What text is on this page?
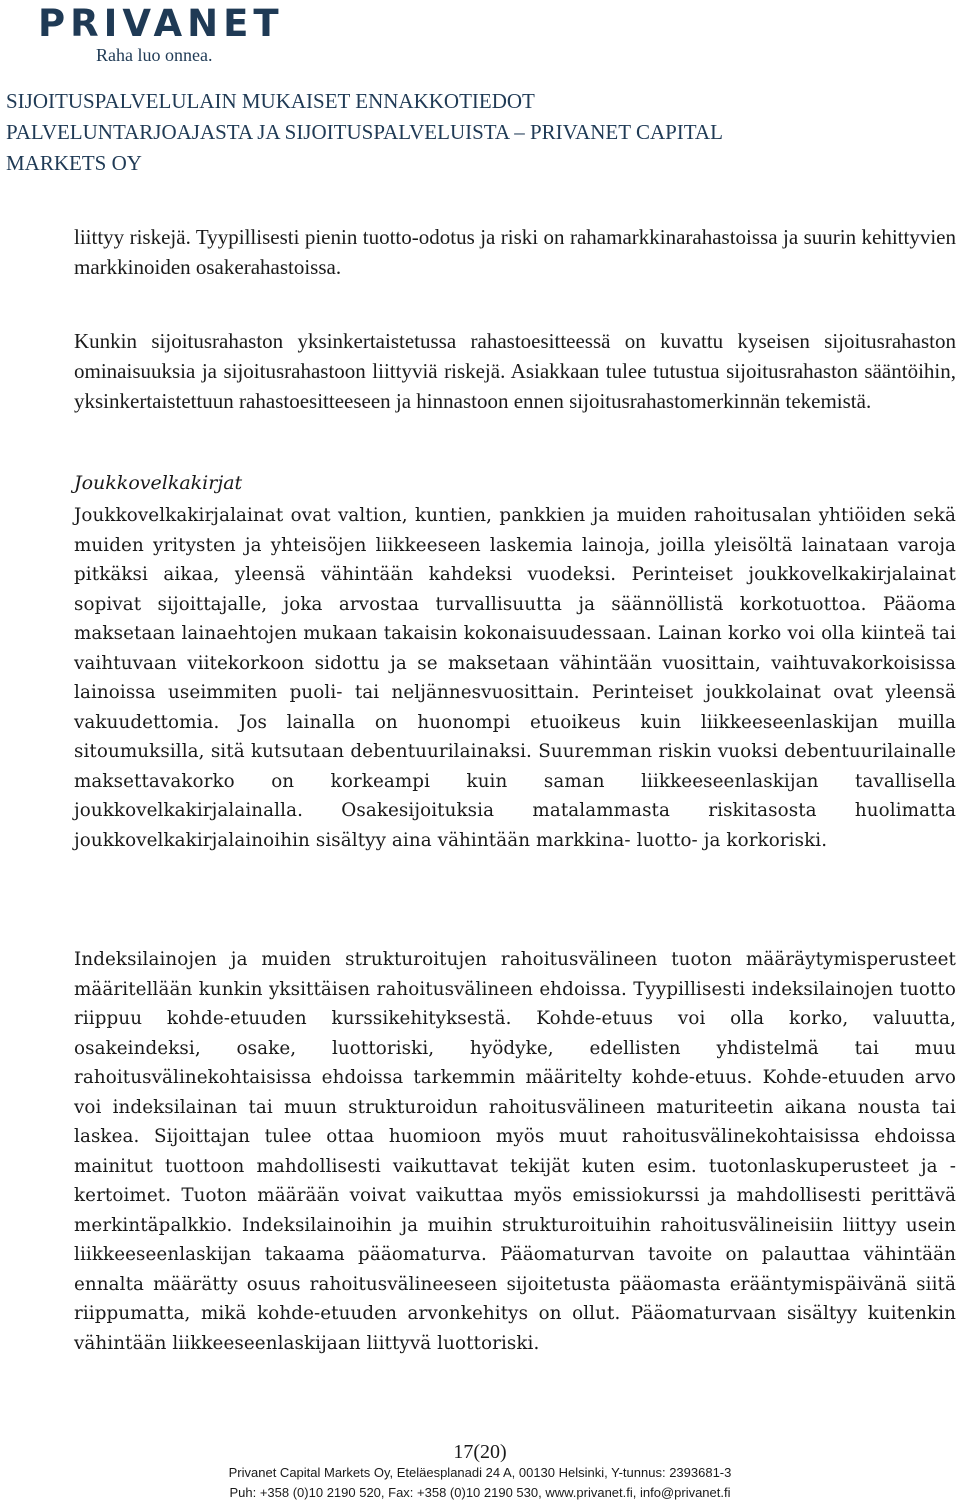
PRIVANET
Raha luo onnea.
SIJOITUSPALVELULAIN MUKAISET ENNAKKOTIEDOT
PALVELUNTARJOAJASTA JA SIJOITUSPALVELUISTA – PRIVANET CAPITAL
MARKETS OY

liittyy riskejä. Tyypillisesti pienin tuotto-odotus ja riski on rahamarkkinarahastoissa ja suurin kehittyvien markkinoiden osakerahastoissa.

Kunkin sijoitusrahaston yksinkertaistetussa rahastoesitteessä on kuvattu kyseisen sijoitusrahaston ominaisuuksia ja sijoitusrahastoon liittyviä riskejä. Asiakkaan tulee tutustua sijoitusrahaston sääntöihin, yksinkertaistettuun rahastoesitteeseen ja hinnastoon ennen sijoitusrahastomerkinnän tekemistä.

Joukkovelkakirjat

Joukkovelkakirjalainat ovat valtion, kuntien, pankkien ja muiden rahoitusalan yhtiöiden sekä muiden yritysten ja yhteisöjen liikkeeseen laskemia lainoja, joilla yleisöltä lainataan varoja pitkäksi aikaa, yleensä vähintään kahdeksi vuodeksi. Perinteiset joukkovelkakirjalainat sopivat sijoittajalle, joka arvostaa turvallisuutta ja säännöllistä korkotuottoa. Pääoma maksetaan lainaehtojen mukaan takaisin kokonaisuudessaan. Lainan korko voi olla kiinteä tai vaihtuvaan viitekorkoon sidottu ja se maksetaan vähintään vuosittain, vaihtuvakorkoisissa lainoissa useimmiten puoli- tai neljännesvuosittain. Perinteiset joukkolainat ovat yleensä vakuudettomia. Jos lainalla on huonompi etuoikeus kuin liikkeeseenlaskijan muilla sitoumuksilla, sitä kutsutaan debentuurilainaksi. Suuremman riskin vuoksi debentuurilainalle maksettavakorko on korkeampi kuin saman liikkeeseenlaskijan tavallisella joukkovelkakirjalainalla. Osakesijoituksia matalammasta riskitasosta huolimatta joukkovelkakirjalainoihin sisältyy aina vähintään markkina- luotto- ja korkoriski.

Indeksilainojen ja muiden strukturoitujen rahoitusvälineen tuoton määräytymisperusteet määritellään kunkin yksittäisen rahoitusvälineen ehdoissa. Tyypillisesti indeksilainojen tuotto riippuu kohde-etuuden kurssikehityksestä. Kohde-etuus voi olla korko, valuutta, osakeindeksi, osake, luottoriski, hyödyke, edellisten yhdistelmä tai muu rahoitusvälinekohtaisissa ehdoissa tarkemmin määritelty kohde-etuus. Kohde-etuuden arvo voi indeksilainan tai muun strukturoidun rahoitusvälineen maturiteetin aikana nousta tai laskea. Sijoittajan tulee ottaa huomioon myös muut rahoitusvälinekohtaisissa ehdoissa mainitut tuottoon mahdollisesti vaikuttavat tekijät kuten esim. tuotonlaskuperusteet ja -kertoimet. Tuoton määrään voivat vaikuttaa myös emissiokurssi ja mahdollisesti perittävä merkintäpalkkio. Indeksilainoihin ja muihin strukturoituihin rahoitusvälineisiin liittyy usein liikkeeseenlaskijan takaama pääomaturva. Pääomaturvan tavoite on palauttaa vähintään ennalta määrätty osuus rahoitusvälineeseen sijoitetusta pääomasta erääntymispäivänä siitä riippumatta, mikä kohde-etuuden arvonkehitys on ollut. Pääomaturvaan sisältyy kuitenkin vähintään liikkeeseenlaskijaan liittyvä luottoriski.

17(20)
Privanet Capital Markets Oy, Eteläesplanadi 24 A, 00130 Helsinki, Y-tunnus: 2393681-3
Puh: +358 (0)10 2190 520, Fax: +358 (0)10 2190 530, www.privanet.fi, info@privanet.fi
